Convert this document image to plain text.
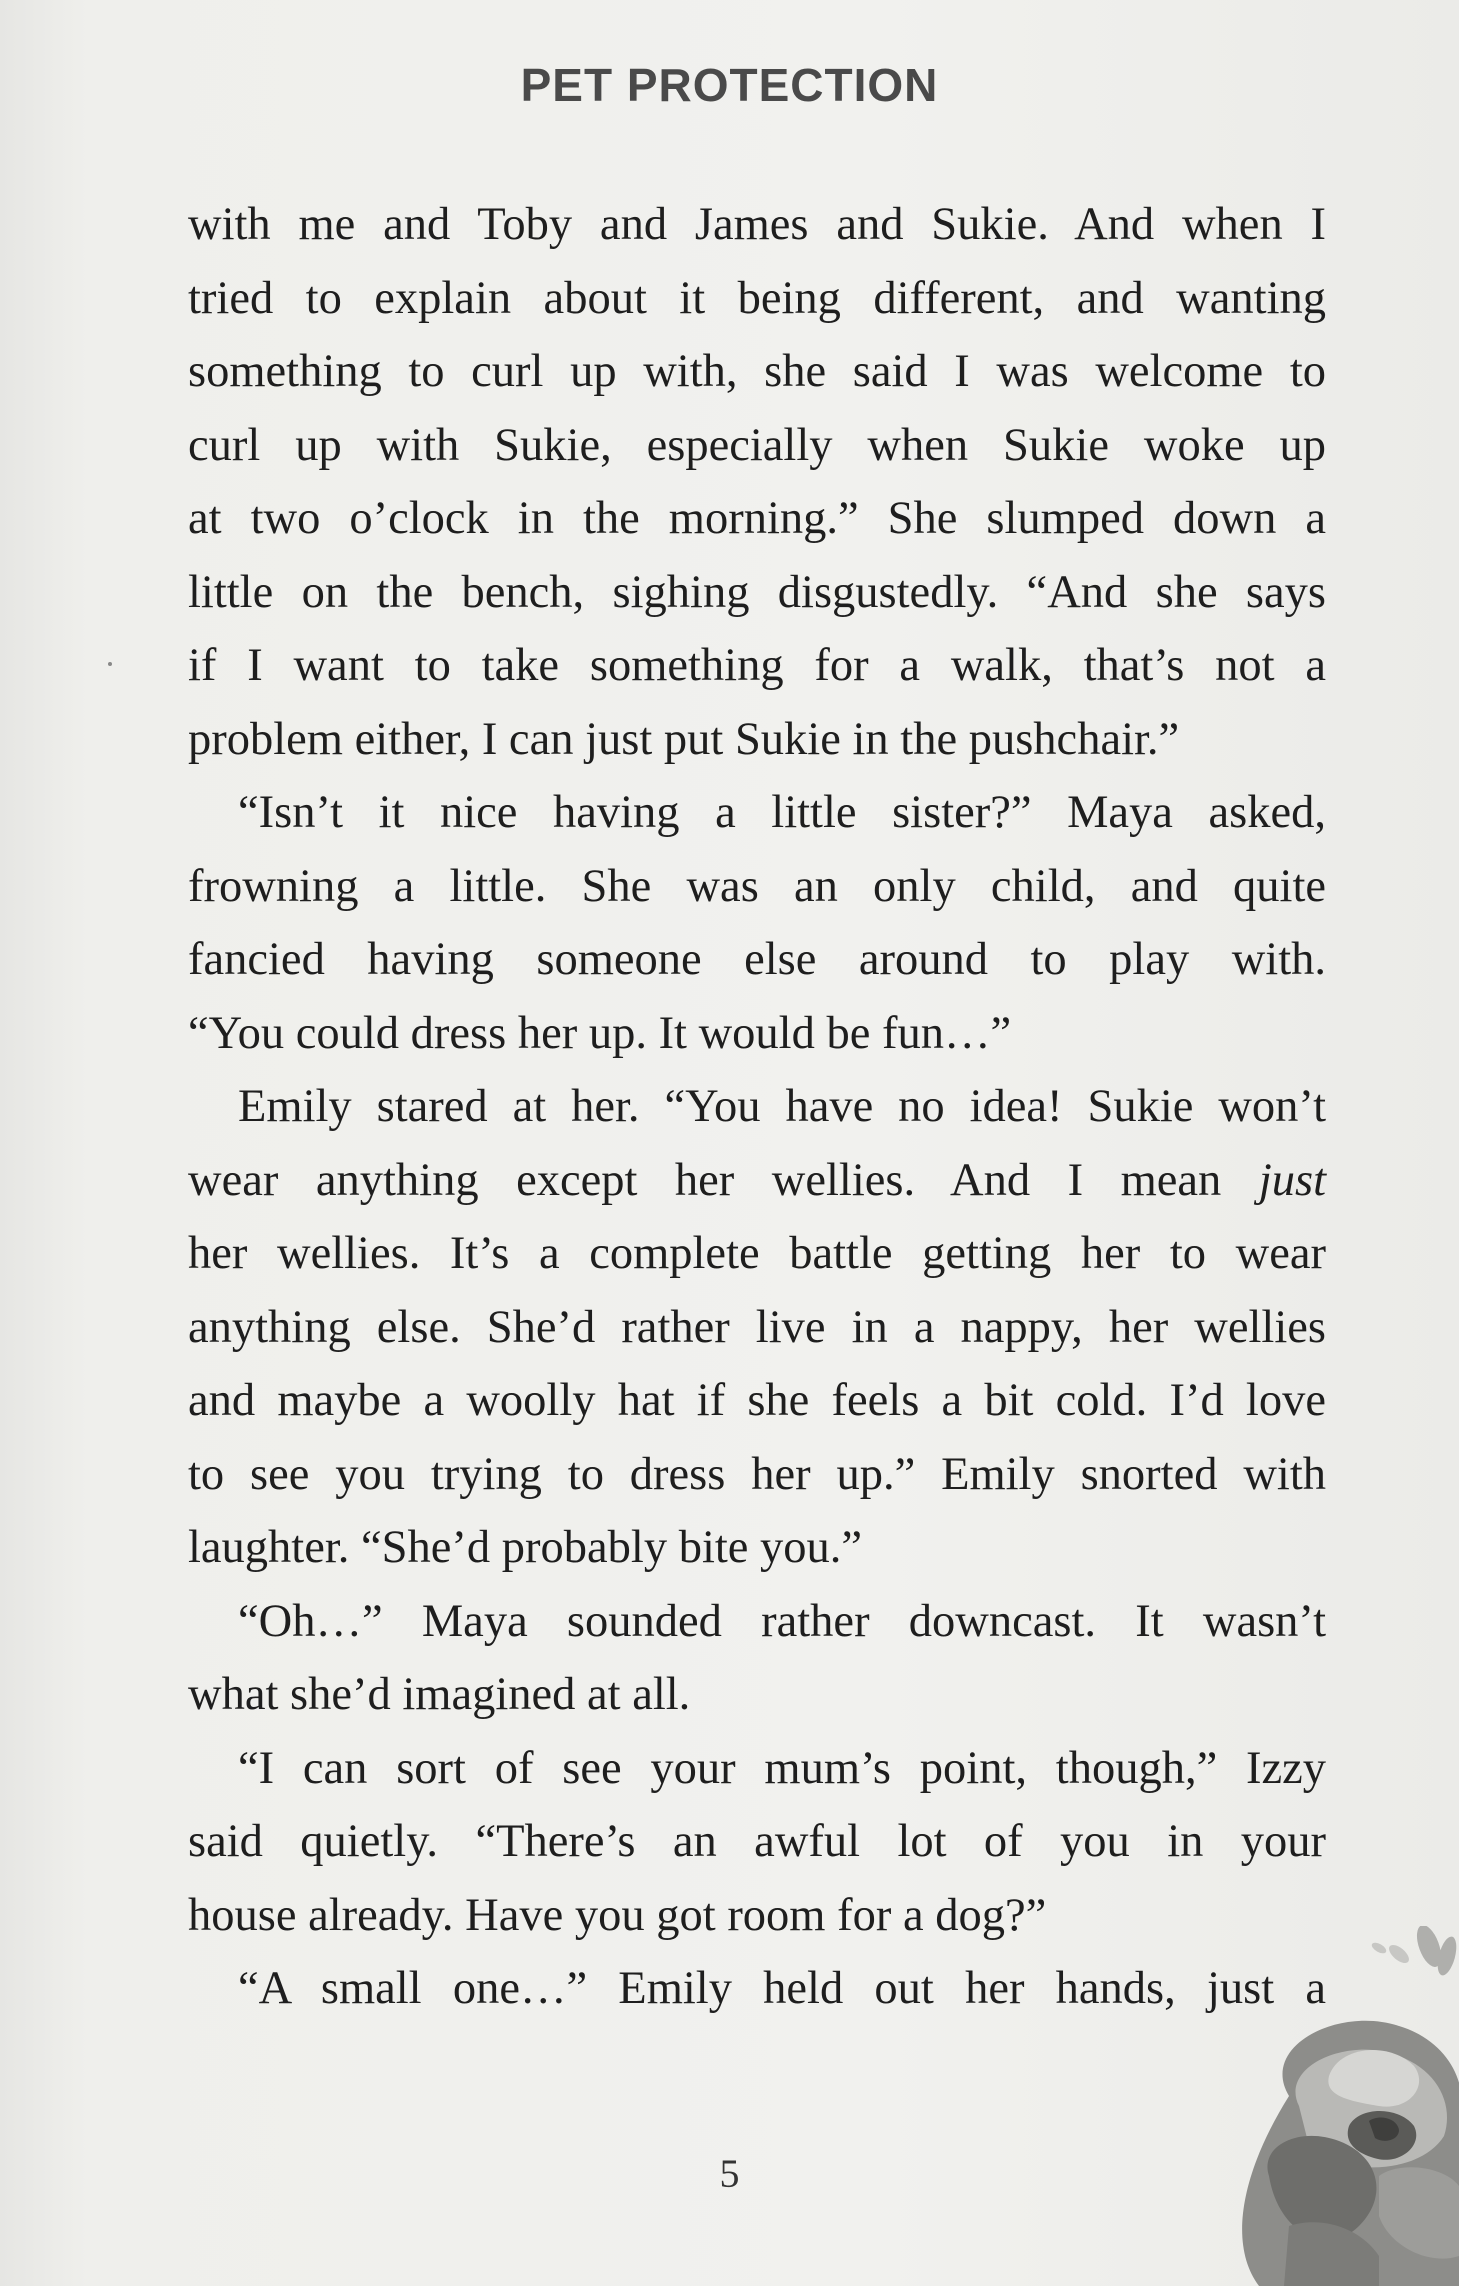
PET PROTECTION
with me and Toby and James and Sukie. And when I
tried to explain about it being different, and wanting
something to curl up with, she said I was welcome to
curl up with Sukie, especially when Sukie woke up
at two o’clock in the morning.” She slumped down a
little on the bench, sighing disgustedly. “And she says
if I want to take something for a walk, that’s not a
problem either, I can just put Sukie in the pushchair.”
“Isn’t it nice having a little sister?” Maya asked,
frowning a little. She was an only child, and quite
fancied having someone else around to play with.
“You could dress her up. It would be fun…”
Emily stared at her. “You have no idea! Sukie won’t
wear anything except her wellies. And I mean just
her wellies. It’s a complete battle getting her to wear
anything else. She’d rather live in a nappy, her wellies
and maybe a woolly hat if she feels a bit cold. I’d love
to see you trying to dress her up.” Emily snorted with
laughter. “She’d probably bite you.”
“Oh…” Maya sounded rather downcast. It wasn’t
what she’d imagined at all.
“I can sort of see your mum’s point, though,” Izzy
said quietly. “There’s an awful lot of you in your
house already. Have you got room for a dog?”
“A small one…” Emily held out her hands, just a
5
